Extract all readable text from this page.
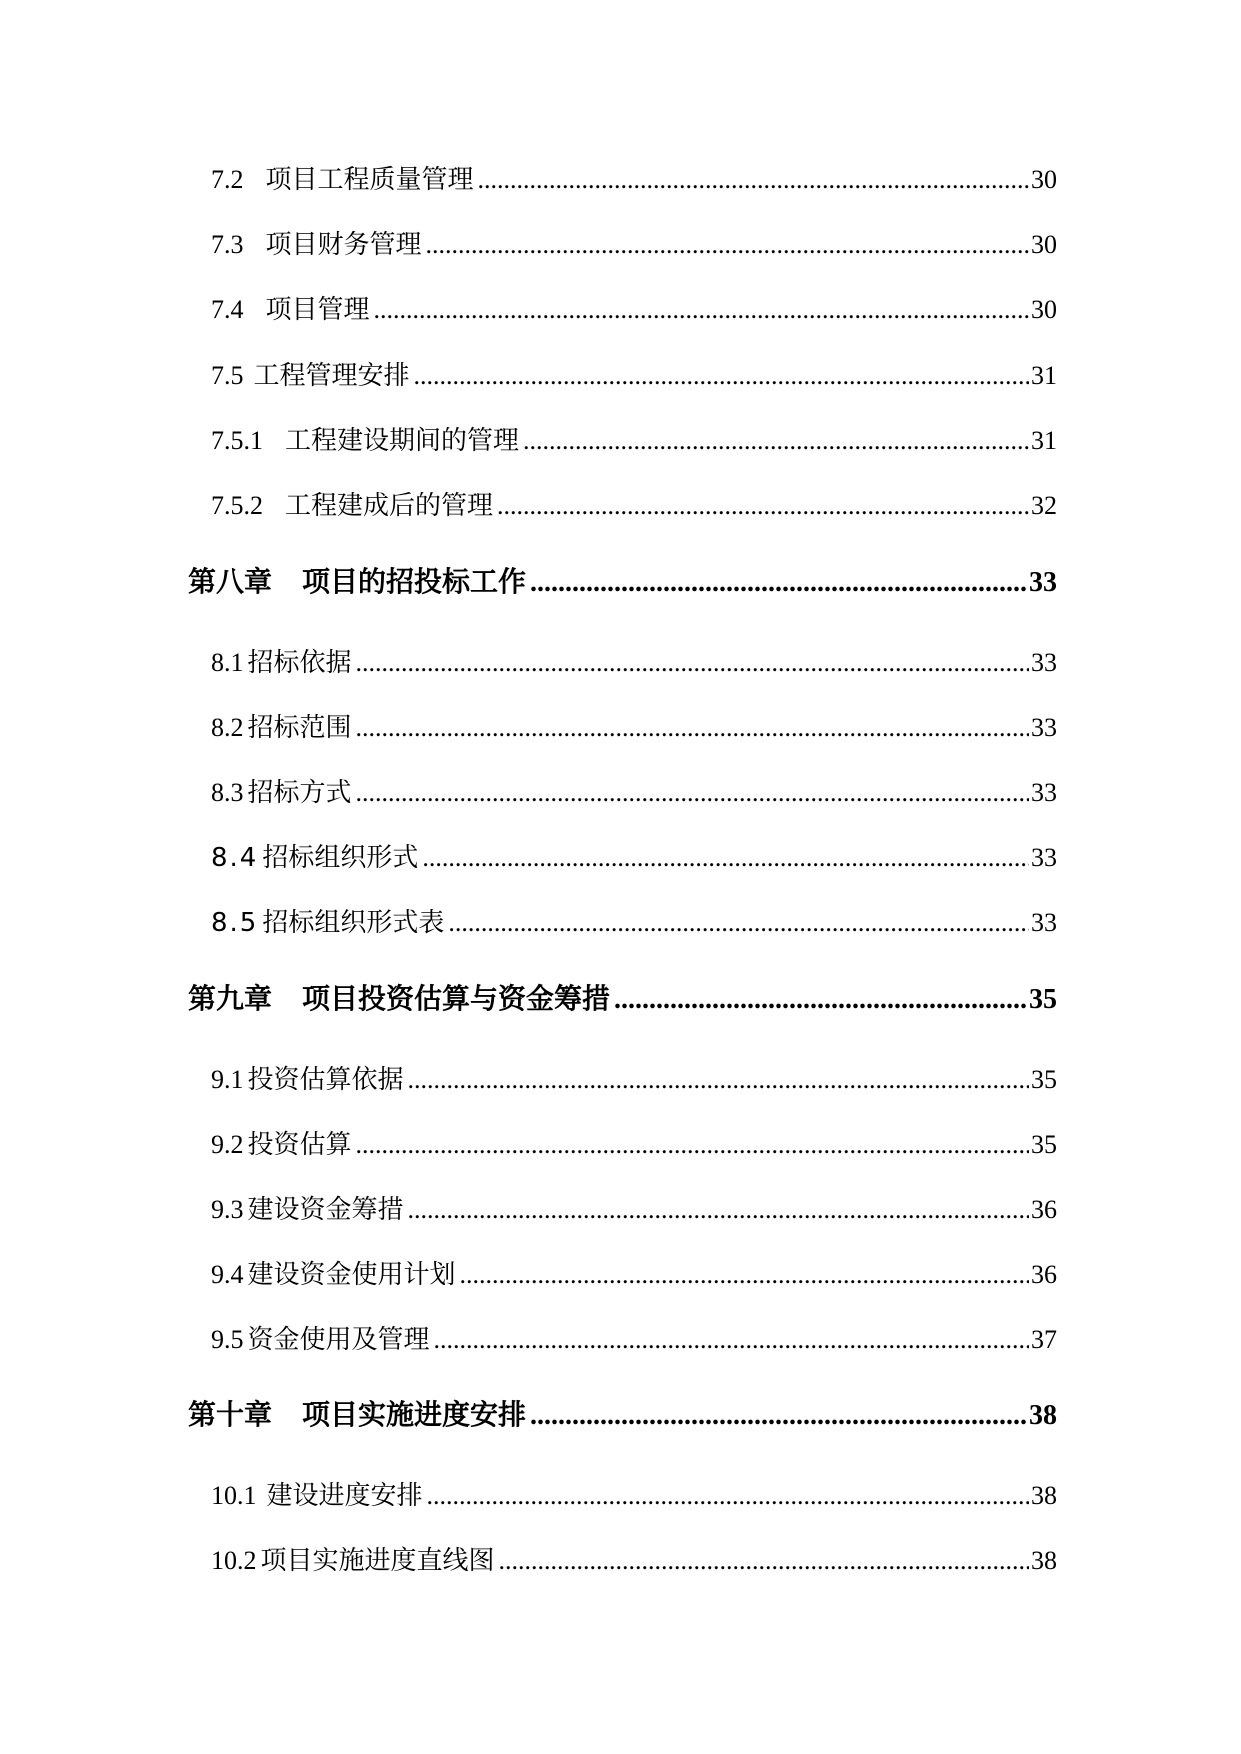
7.2 项目工程质量管理 .....	30
7.3 项目财务管理 .....	30
7.4 项目管理 .....	30
7.5 工程管理安排 .....	31
7.5.1 工程建设期间的管理 .....	31
7.5.2 工程建成后的管理 .....	32
第八章 项目的招投标工作 .....	33
8.1 招标依据 .....	33
8.2 招标范围 .....	33
8.3 招标方式 .....	33
8.4 招标组织形式 .....	33
8.5 招标组织形式表 .....	33
第九章 项目投资估算与资金筹措 .....	35
9.1 投资估算依据 .....	35
9.2 投资估算 .....	35
9.3 建设资金筹措 .....	36
9.4 建设资金使用计划 .....	36
9.5 资金使用及管理 .....	37
第十章 项目实施进度安排 .....	38
10.1 建设进度安排 .....	38
10.2 项目实施进度直线图 .....	38
